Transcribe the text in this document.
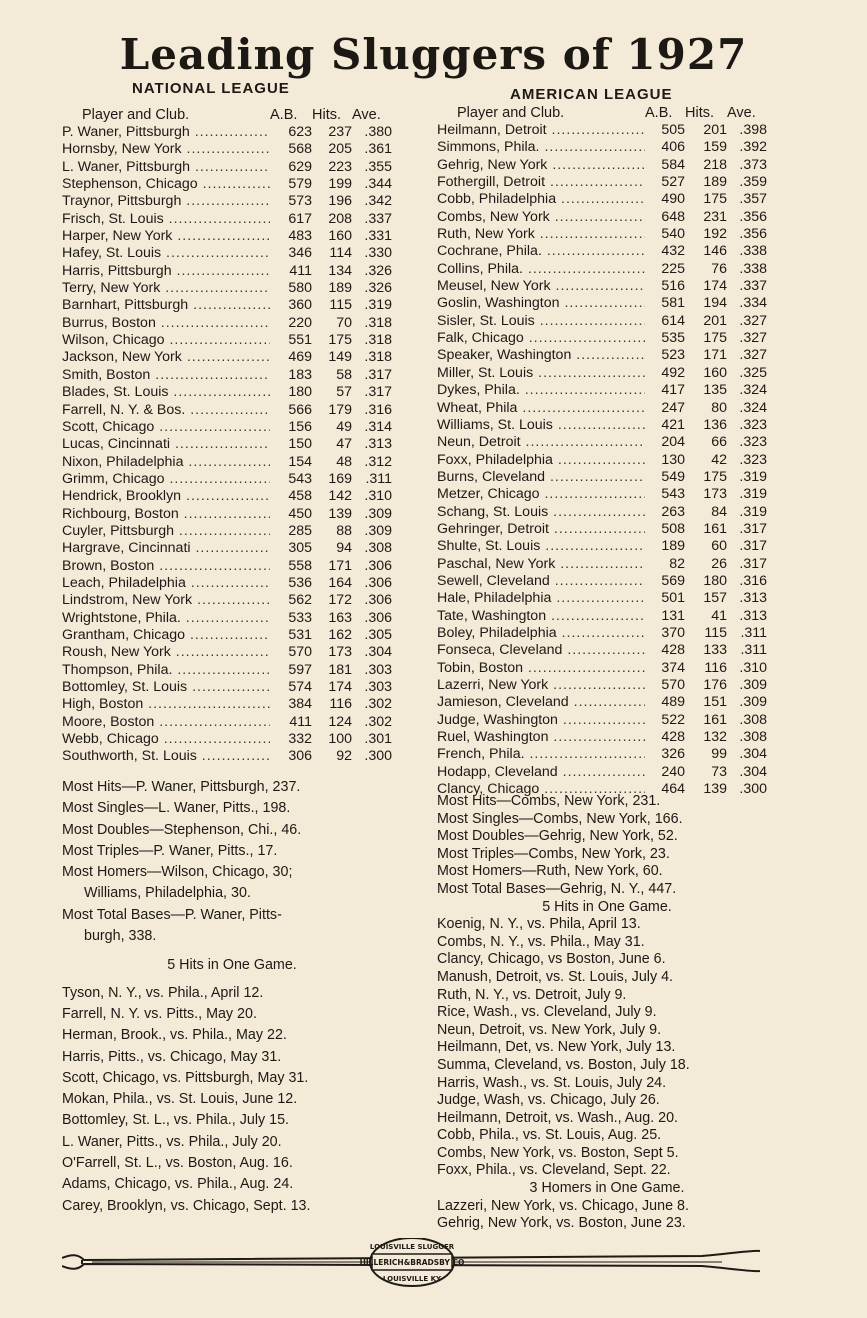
Leading Sluggers of 1927
NATIONAL LEAGUE
Player and Club.	A.B.	Hits. Ave.
P. Waner, Pittsburgh .....	623	237 .380
Hornsby, New York .....	568	205 .361
L. Waner, Pittsburgh .....	629	223 .355
Stephenson, Chicago .....	579	199 .344
Traynor, Pittsburgh .....	573	196 .342
Frisch, St. Louis .....	617	208 .337
Harper, New York .....	483	160 .331
Hafey, St. Louis .....	346	114 .330
Harris, Pittsburgh .....	411	134 .326
Terry, New York .....	580	189 .326
Barnhart, Pittsburgh .....	360	115 .319
Burrus, Boston .....	220	70 .318
Wilson, Chicago .....	551	175 .318
Jackson, New York .....	469	149 .318
Smith, Boston .....	183	58 .317
Blades, St. Louis .....	180	57 .317
Farrell, N. Y. & Bos. .....	566	179 .316
Scott, Chicago .....	156	49 .314
Lucas, Cincinnati .....	150	47 .313
Nixon, Philadelphia .....	154	48 .312
Grimm, Chicago .....	543	169 .311
Hendrick, Brooklyn .....	458	142 .310
Richbourg, Boston .....	450	139 .309
Cuyler, Pittsburgh .....	285	88 .309
Hargrave, Cincinnati .....	305	94 .308
Brown, Boston .....	558	171 .306
Leach, Philadelphia .....	536	164 .306
Lindstrom, New York .....	562	172 .306
Wrightstone, Phila. .....	533	163 .306
Grantham, Chicago .....	531	162 .305
Roush, New York .....	570	173 .304
Thompson, Phila. .....	597	181 .303
Bottomley, St. Louis .....	574	174 .303
High, Boston .....	384	116 .302
Moore, Boston .....	411	124 .302
Webb, Chicago .....	332	100 .301
Southworth, St. Louis .....	306	92 .300

Most Hits—P. Waner, Pittsburgh, 237.

Most Singles—L. Waner, Pitts., 198.

Most Doubles—Stephenson, Chi., 46.

Most Triples—P. Waner, Pitts., 17.

Most Homers—Wilson, Chicago, 30;

Williams, Philadelphia, 30.

Most Total Bases—P. Waner, Pitts-

burgh, 338.

5 Hits in One Game.

Tyson, N. Y., vs. Phila., April 12.

Farrell, N. Y. vs. Pitts., May 20.

Herman, Brook., vs. Phila., May 22.

Harris, Pitts., vs. Chicago, May 31.

Scott, Chicago, vs. Pittsburgh, May 31.

Mokan, Phila., vs. St. Louis, June 12.

Bottomley, St. L., vs. Phila., July 15.

L. Waner, Pitts., vs. Phila., July 20.

O'Farrell, St. L., vs. Boston, Aug. 16.

Adams, Chicago, vs. Phila., Aug. 24.

Carey, Brooklyn, vs. Chicago, Sept. 13.

AMERICAN LEAGUE
Player and Club.	A.B. Hits. Ave.
Heilmann, Detroit .....	505	201 .398
Simmons, Phila. .....	406	159 .392
Gehrig, New York .....	584	218 .373
Fothergill, Detroit .....	527	189 .359
Cobb, Philadelphia .....	490	175 .357
Combs, New York .....	648	231 .356
Ruth, New York .....	540	192 .356
Cochrane, Phila. .....	432	146 .338
Collins, Phila. .....	225	76 .338
Meusel, New York .....	516	174 .337
Goslin, Washington .....	581	194 .334
Sisler, St. Louis .....	614	201 .327
Falk, Chicago .....	535	175 .327
Speaker, Washington .....	523	171 .327
Miller, St. Louis .....	492	160 .325
Dykes, Phila. .....	417	135 .324
Wheat, Phila .....	247	80 .324
Williams, St. Louis .....	421	136 .323
Neun, Detroit .....	204	66 .323
Foxx, Philadelphia .....	130	42 .323
Burns, Cleveland .....	549	175 .319
Metzer, Chicago .....	543	173 .319
Schang, St. Louis .....	263	84 .319
Gehringer, Detroit .....	508	161 .317
Shulte, St. Louis .....	189	60 .317
Paschal, New York .....	82	26 .317
Sewell, Cleveland .....	569	180 .316
Hale, Philadelphia .....	501	157 .313
Tate, Washington .....	131	41 .313
Boley, Philadelphia .....	370	115 .311
Fonseca, Cleveland .....	428	133 .311
Tobin, Boston .....	374	116 .310
Lazerri, New York .....	570	176 .309
Jamieson, Cleveland .....	489	151 .309
Judge, Washington .....	522	161 .308
Ruel, Washington .....	428	132 .308
French, Phila. .....	326	99 .304
Hodapp, Cleveland .....	240	73 .304
Clancy, Chicago .....	464	139 .300

Most Hits—Combs, New York, 231.

Most Singles—Combs, New York, 166.

Most Doubles—Gehrig, New York, 52.

Most Triples—Combs, New York, 23.

Most Homers—Ruth, New York, 60.

Most Total Bases—Gehrig, N. Y., 447.

5 Hits in One Game.

Koenig, N. Y., vs. Phila, April 13.

Combs, N. Y., vs. Phila., May 31.

Clancy, Chicago, vs Boston, June 6.

Manush, Detroit, vs. St. Louis, July 4.

Ruth, N. Y., vs. Detroit, July 9.

Rice, Wash., vs. Cleveland, July 9.

Neun, Detroit, vs. New York, July 9.

Heilmann, Det, vs. New York, July 13.

Summa, Cleveland, vs. Boston, July 18.

Harris, Wash., vs. St. Louis, July 24.

Judge, Wash, vs. Chicago, July 26.

Heilmann, Detroit, vs. Wash., Aug. 20.

Cobb, Phila., vs. St. Louis, Aug. 25.

Combs, New York, vs. Boston, Sept 5.

Foxx, Phila., vs. Cleveland, Sept. 22.

3 Homers in One Game.

Lazzeri, New York, vs. Chicago, June 8.

Gehrig, New York, vs. Boston, June 23.

LOUISVILLE SLUGGER
HILLERICH&BRADSBY CO
LOUISVILLE KY
